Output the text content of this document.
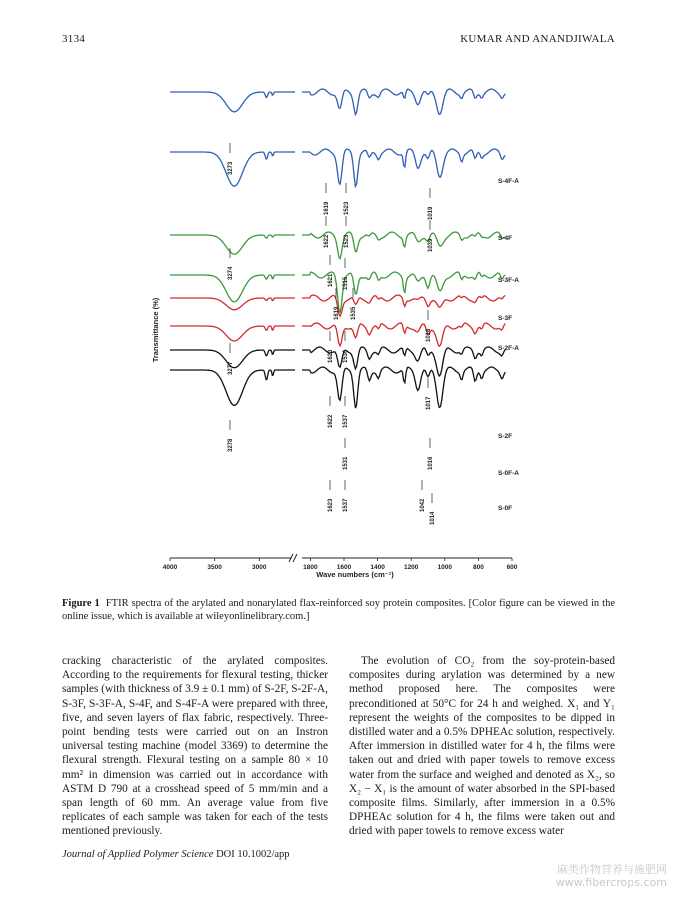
3134	KUMAR AND ANANDJIWALA
S-4F-A
S-4F
S-3F-A
S-3F
S-2F-A
S-2F
S-0F-A
S-0F
3273
3274
3277
3278
1619 1523
1622 1523
1621 1515
1619 1535
1623 1536
1622 1537
1531
1623 1537
1019
1039
1018
1017
1016
1042
1014
4000	3500	3000	1800	1600	1400	1200	1000	800	600
Wave numbers (cm⁻¹)
Transmittance (%)
Figure 1 FTIR spectra of the arylated and nonarylated flax-reinforced soy protein composites. [Color figure can be viewed in the online issue, which is available at wileyonlinelibrary.com.]

cracking characteristic of the arylated composites. According to the requirements for flexural testing, thicker samples (with thickness of 3.9 ± 0.1 mm) of S-2F, S-2F-A, S-3F, S-3F-A, S-4F, and S-4F-A were prepared with three, five, and seven layers of flax fabric, respectively. Three-point bending tests were carried out on an Instron universal testing machine (model 3369) to determine the flexural strength. Flexural testing on a sample 80 × 10 mm² in dimension was carried out in accordance with ASTM D 790 at a crosshead speed of 5 mm/min and a span length of 60 mm. An average value from five replicates of each sample was taken for each of the tests mentioned previously.

The evolution of CO₂ from the soy-protein-based composites during arylation was determined by a new method proposed here. The composites were preconditioned at 50°C for 24 h and weighed. X₁ and Y₁ represent the weights of the composites to be dipped in distilled water and a 0.5% DPHEAc solution, respectively. After immersion in distilled water for 4 h, the films were taken out and dried with paper towels to remove excess water from the surface and weighed and denoted as X₂, so X₂ − X₁ is the amount of water absorbed in the SPI-based composite films. Similarly, after immersion in a 0.5% DPHEAc solution for 4 h, the films were taken out and dried with paper towels to remove excess water

Journal of Applied Polymer Science DOI 10.1002/app
麻类作物营养与施肥网
www.fibercrops.com
